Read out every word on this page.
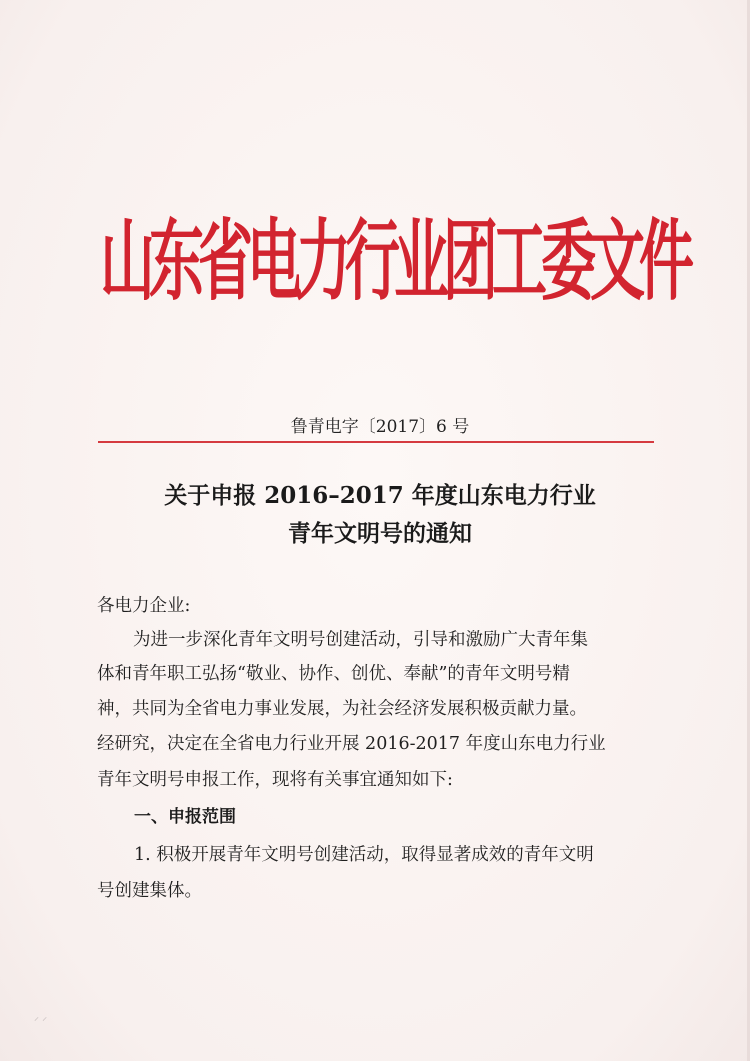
山东省电力行业团工委文件
鲁青电字〔2017〕6 号
关于申报 2016–2017 年度山东电力行业
青年文明号的通知
各电力企业:
为进一步深化青年文明号创建活动，引导和激励广大青年集
体和青年职工弘扬“敬业、协作、创优、奉献”的青年文明号精
神，共同为全省电力事业发展，为社会经济发展积极贡献力量。
经研究，决定在全省电力行业开展 2016-2017 年度山东电力行业
青年文明号申报工作，现将有关事宜通知如下:
一、申报范围
1. 积极开展青年文明号创建活动，取得显著成效的青年文明
号创建集体。
⸝ ⸝
